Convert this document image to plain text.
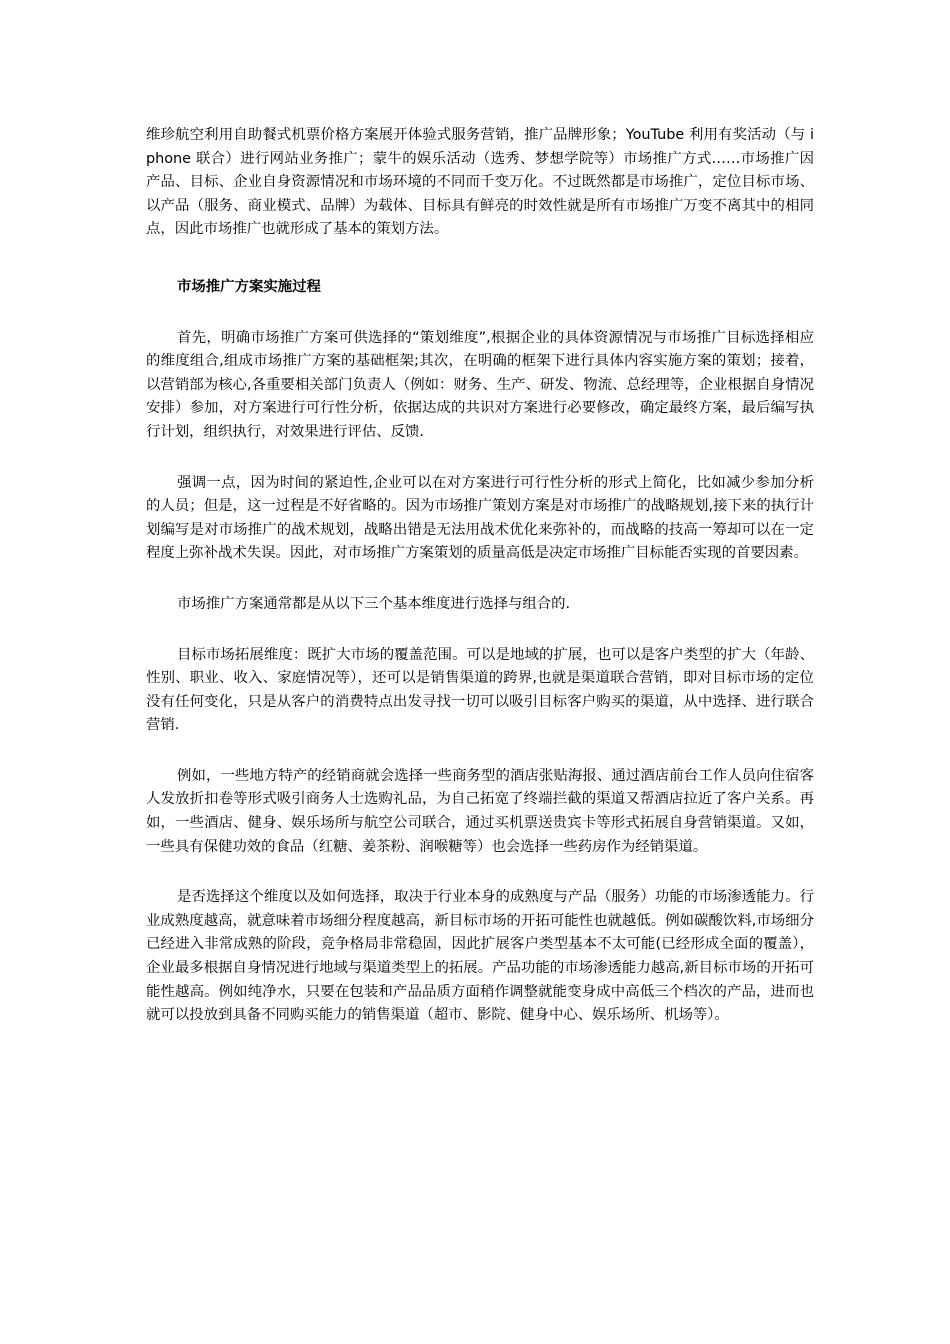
维珍航空利用自助餐式机票价格方案展开体验式服务营销，推广品牌形象；YouTube 利用有奖活动（与 iphone 联合）进行网站业务推广；蒙牛的娱乐活动（选秀、梦想学院等）市场推广方式……市场推广因产品、目标、企业自身资源情况和市场环境的不同而千变万化。不过既然都是市场推广，定位目标市场、以产品（服务、商业模式、品牌）为载体、目标具有鲜亮的时效性就是所有市场推广万变不离其中的相同点，因此市场推广也就形成了基本的策划方法。

市场推广方案实施过程

首先，明确市场推广方案可供选择的“策划维度”,根据企业的具体资源情况与市场推广目标选择相应的维度组合,组成市场推广方案的基础框架;其次，在明确的框架下进行具体内容实施方案的策划；接着，以营销部为核心,各重要相关部门负责人（例如：财务、生产、研发、物流、总经理等，企业根据自身情况安排）参加，对方案进行可行性分析，依据达成的共识对方案进行必要修改，确定最终方案，最后编写执行计划，组织执行，对效果进行评估、反馈.

强调一点，因为时间的紧迫性,企业可以在对方案进行可行性分析的形式上简化，比如减少参加分析的人员；但是，这一过程是不好省略的。因为市场推广策划方案是对市场推广的战略规划,接下来的执行计划编写是对市场推广的战术规划，战略出错是无法用战术优化来弥补的，而战略的技高一筹却可以在一定程度上弥补战术失误。因此，对市场推广方案策划的质量高低是决定市场推广目标能否实现的首要因素。

市场推广方案通常都是从以下三个基本维度进行选择与组合的.

目标市场拓展维度：既扩大市场的覆盖范围。可以是地域的扩展，也可以是客户类型的扩大（年龄、性别、职业、收入、家庭情况等），还可以是销售渠道的跨界,也就是渠道联合营销，即对目标市场的定位没有任何变化，只是从客户的消费特点出发寻找一切可以吸引目标客户购买的渠道，从中选择、进行联合营销.

例如，一些地方特产的经销商就会选择一些商务型的酒店张贴海报、通过酒店前台工作人员向住宿客人发放折扣卷等形式吸引商务人士选购礼品，为自己拓宽了终端拦截的渠道又帮酒店拉近了客户关系。再如，一些酒店、健身、娱乐场所与航空公司联合，通过买机票送贵宾卡等形式拓展自身营销渠道。又如，一些具有保健功效的食品（红糖、姜茶粉、润喉糖等）也会选择一些药房作为经销渠道。

是否选择这个维度以及如何选择，取决于行业本身的成熟度与产品（服务）功能的市场渗透能力。行业成熟度越高，就意味着市场细分程度越高，新目标市场的开拓可能性也就越低。例如碳酸饮料,市场细分已经进入非常成熟的阶段，竞争格局非常稳固，因此扩展客户类型基本不太可能(已经形成全面的覆盖），企业最多根据自身情况进行地域与渠道类型上的拓展。产品功能的市场渗透能力越高,新目标市场的开拓可能性越高。例如纯净水，只要在包装和产品品质方面稍作调整就能变身成中高低三个档次的产品，进而也就可以投放到具备不同购买能力的销售渠道（超市、影院、健身中心、娱乐场所、机场等）。
